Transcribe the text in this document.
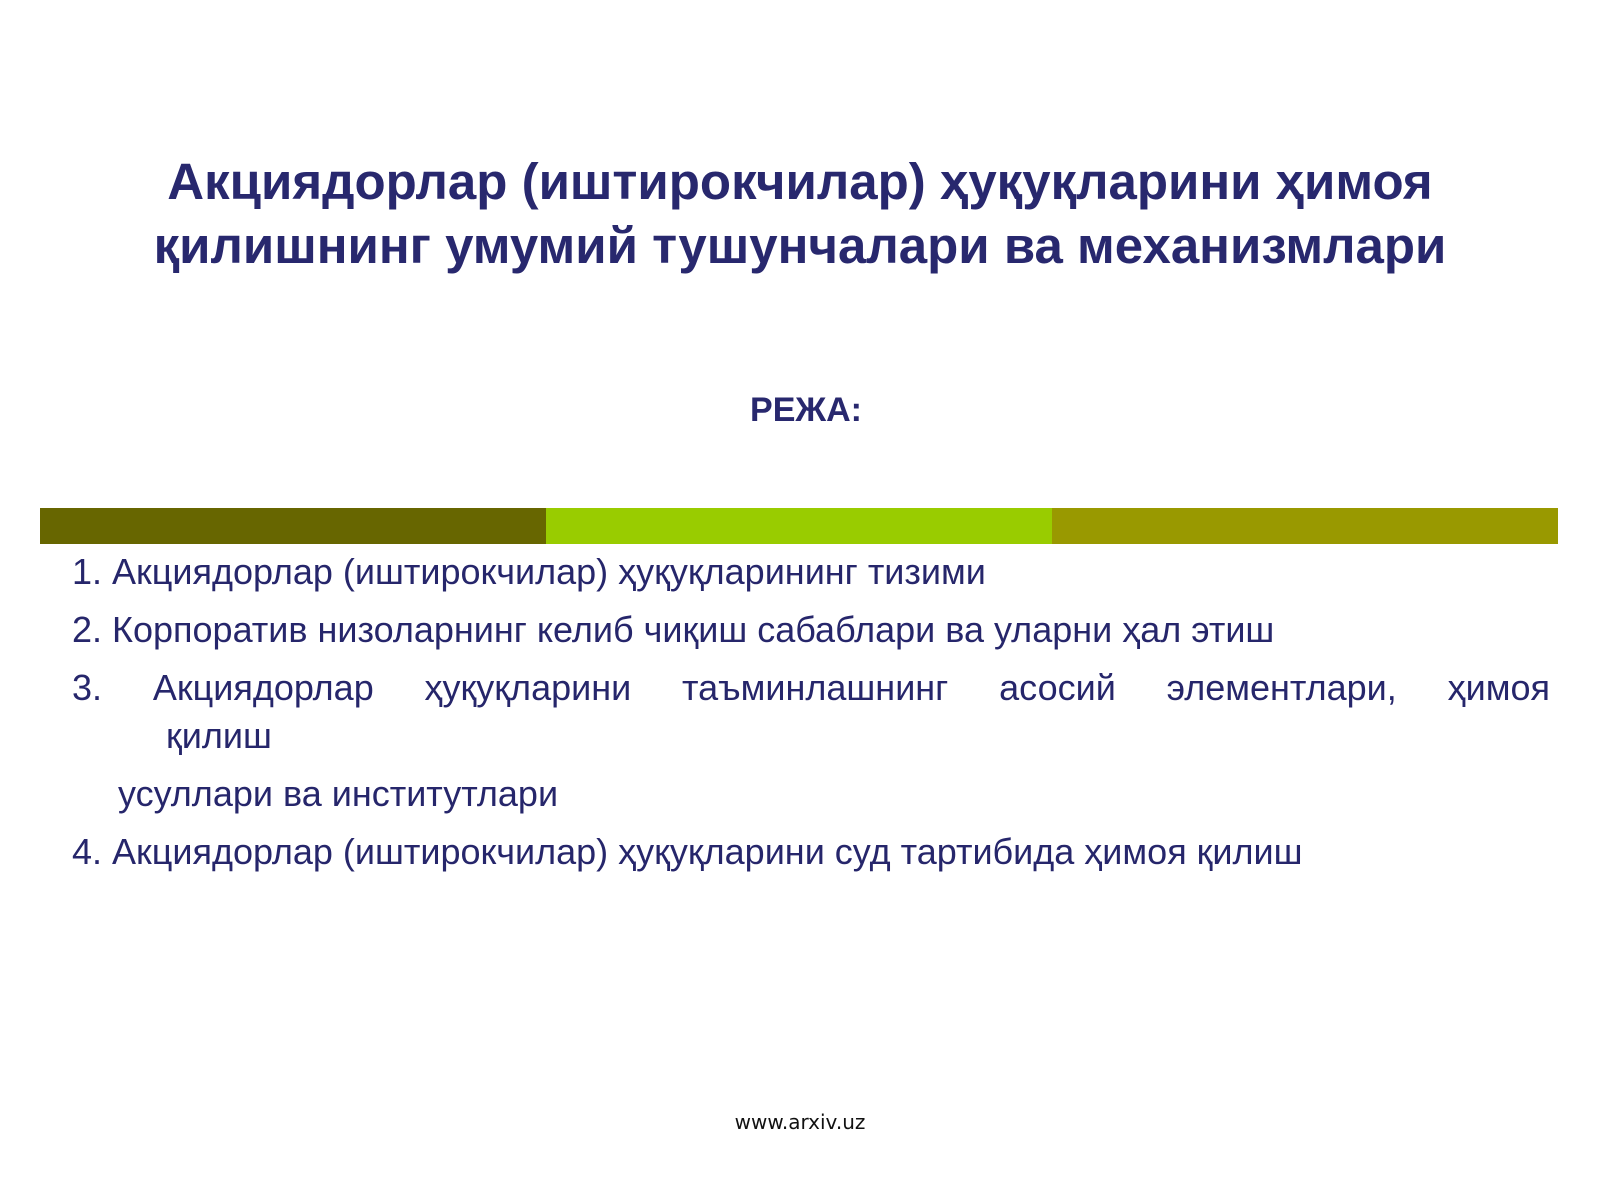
Акциядорлар (иштирокчилар) ҳуқуқларини ҳимоя
қилишнинг умумий тушунчалари ва механизмлари
РЕЖА:
1. Акциядорлар (иштирокчилар) ҳуқуқларининг тизими
2. Корпоратив низоларнинг келиб чиқиш сабаблари ва уларни ҳал этиш
3. Акциядорлар ҳуқуқларини таъминлашнинг асосий элементлари, ҳимоя
қилиш
усуллари ва институтлари
4. Акциядорлар (иштирокчилар) ҳуқуқларини суд тартибида ҳимоя қилиш
www.arxiv.uz
